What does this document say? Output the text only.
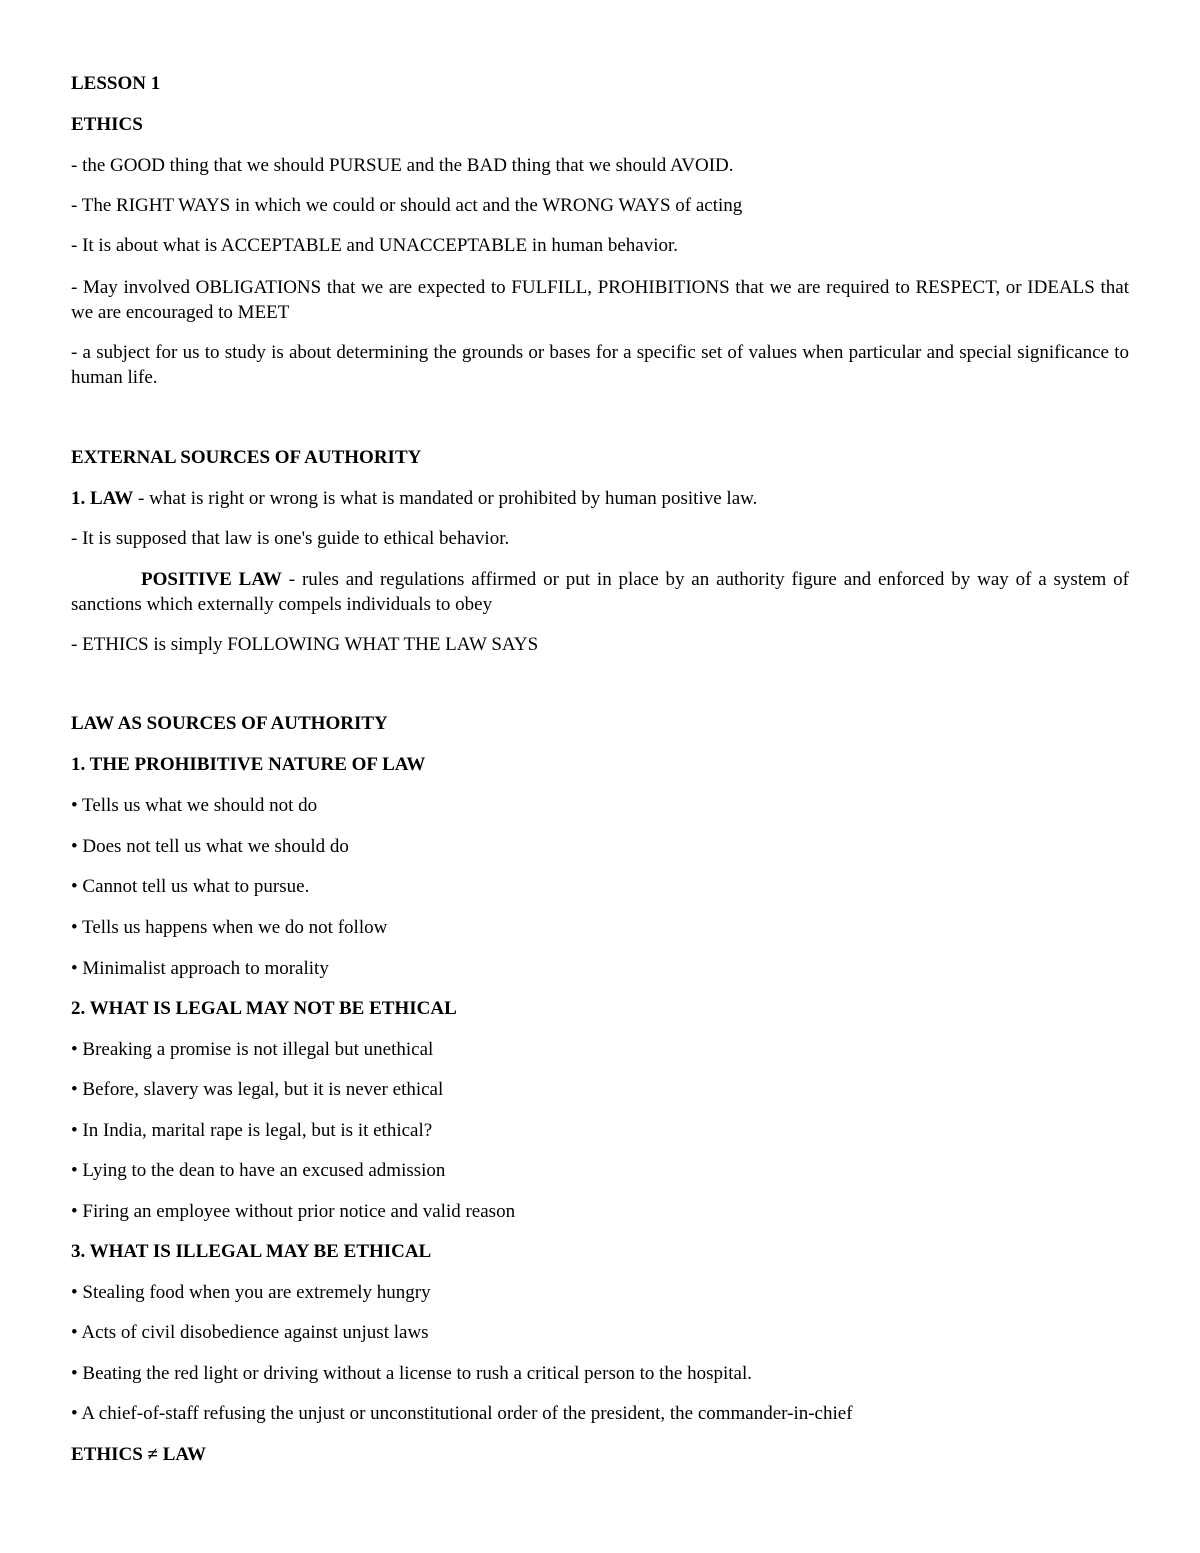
LESSON 1
ETHICS
- the GOOD thing that we should PURSUE and the BAD thing that we should AVOID.
- The RIGHT WAYS in which we could or should act and the WRONG WAYS of acting
- It is about what is ACCEPTABLE and UNACCEPTABLE in human behavior.
- May involved OBLIGATIONS that we are expected to FULFILL, PROHIBITIONS that we are required to RESPECT, or IDEALS that we are encouraged to MEET
- a subject for us to study is about determining the grounds or bases for a specific set of values when particular and special significance to human life.
EXTERNAL SOURCES OF AUTHORITY
1. LAW - what is right or wrong is what is mandated or prohibited by human positive law.
- It is supposed that law is one's guide to ethical behavior.
POSITIVE LAW - rules and regulations affirmed or put in place by an authority figure and enforced by way of a system of sanctions which externally compels individuals to obey
- ETHICS is simply FOLLOWING WHAT THE LAW SAYS
LAW AS SOURCES OF AUTHORITY
1. THE PROHIBITIVE NATURE OF LAW
• Tells us what we should not do
• Does not tell us what we should do
• Cannot tell us what to pursue.
• Tells us happens when we do not follow
• Minimalist approach to morality
2. WHAT IS LEGAL MAY NOT BE ETHICAL
• Breaking a promise is not illegal but unethical
• Before, slavery was legal, but it is never ethical
• In India, marital rape is legal, but is it ethical?
• Lying to the dean to have an excused admission
• Firing an employee without prior notice and valid reason
3. WHAT IS ILLEGAL MAY BE ETHICAL
• Stealing food when you are extremely hungry
• Acts of civil disobedience against unjust laws
• Beating the red light or driving without a license to rush a critical person to the hospital.
• A chief-of-staff refusing the unjust or unconstitutional order of the president, the commander-in-chief
ETHICS ≠ LAW
